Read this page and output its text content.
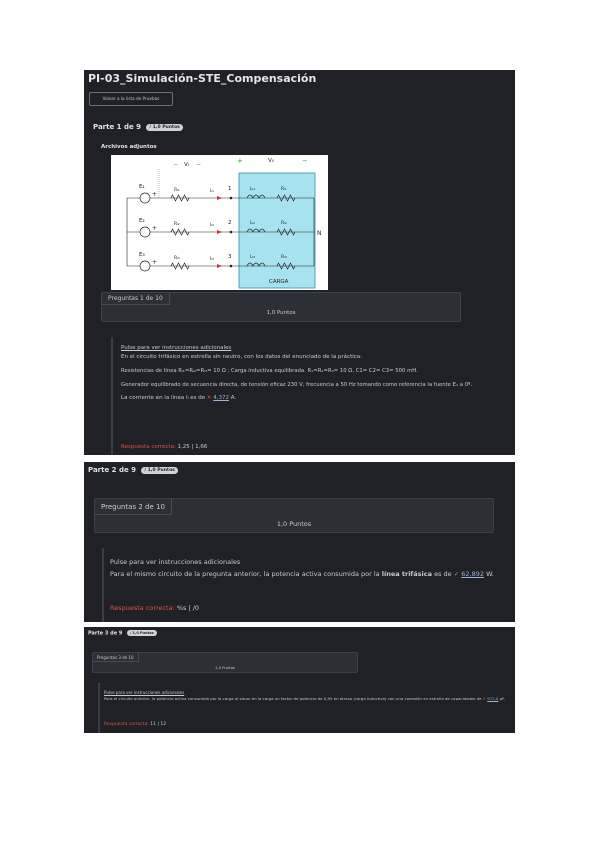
PI-03_Simulación-STE_Compensación
Volver a la lista de Pruebas
Parte 1 de 9 / 1,0 Puntos
Archivos adjuntos
− Vₗ −	+	Vₗₗ	−
E₁
+
Rₗ₁	Iₗ₁	1	Lₗ₁	Rₗ₁
E₂
+
Rₗ₂	Iₗ₂	2	Lₗ₂	Rₗ₂
E₃
+
Rₗ₃	Iₗ₃	3	Lₗ₃	Rₗ₃
N
CARGA
Preguntas 1 de 10
1,0 Puntos
Pulse para ver instrucciones adicionales
En el circuito trifásico en estrella sin neutro, con los datos del enunciado de la práctica:
Resistencias de línea Rₗ₁=Rₗ₂=Rₗ₃= 10 Ω ; Carga inductiva equilibrada. R₁=R₂=R₃= 10 Ω, C1= C2= C3= 500 mH.
Generador equilibrado de secuencia directa, de tensión eficaz 230 V, frecuencia a 50 Hz tomando como referencia la fuente E₁ a 0º.
La corriente en la línea Iₗ es de ✕ 4,372 A.
Respuesta correcta: 1,25 | 1,66
Parte 2 de 9 / 1,0 Puntos
Preguntas 2 de 10
1,0 Puntos
Pulse para ver instrucciones adicionales
Para el mismo circuito de la pregunta anterior, la potencia activa consumida por la línea trifásica es de ✓ 62,892 W.
Respuesta correcta: %s | /0
Parte 3 de 9 / 1,0 Puntos
Preguntas 3 de 10
1,0 Puntos
Pulse para ver instrucciones adicionales
Para el circuito anterior, la potencia activa consumida por la carga al situar en la carga un factor de potencia de 0,95 en atraso (carga inductiva) con una conexión en estrella de capacidades de ✕ 972,0 μF.
Respuesta correcta: 11 | 12
